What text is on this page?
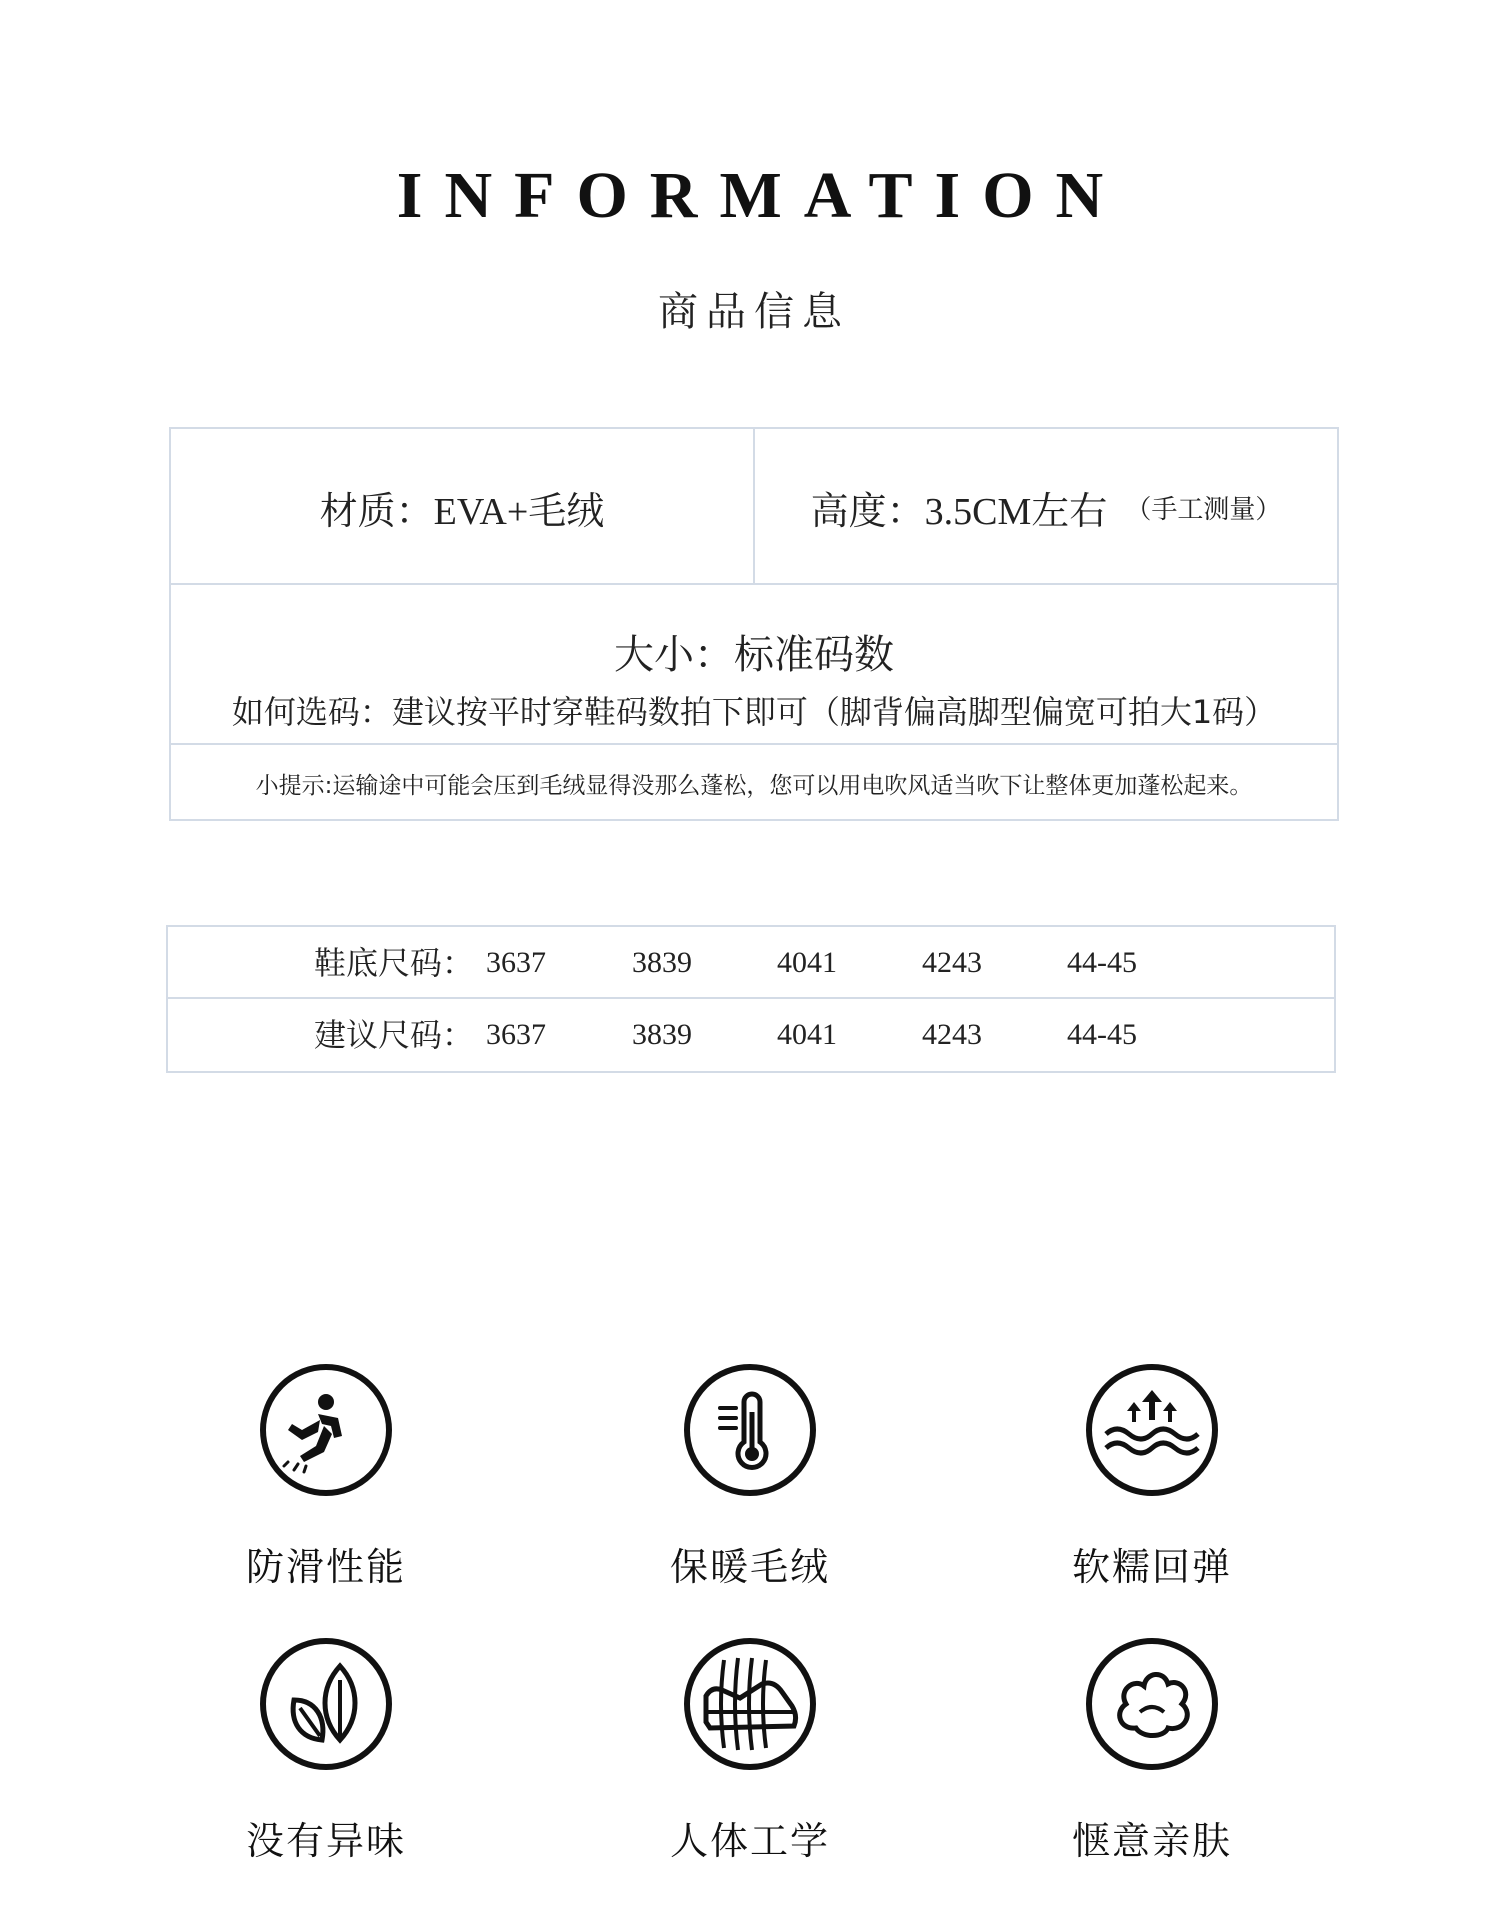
INFORMATION
商品信息
材质：EVA+毛绒	高度：3.5CM左右 （手工测量）
大小：标准码数
如何选码：建议按平时穿鞋码数拍下即可（脚背偏高脚型偏宽可拍大1码）
小提示:运输途中可能会压到毛绒显得没那么蓬松，您可以用电吹风适当吹下让整体更加蓬松起来。
鞋底尺码： 3637	3839	4041	4243	44-45
建议尺码： 3637	3839	4041	4243	44-45
防滑性能	保暖毛绒	软糯回弹
没有异味	人体工学	惬意亲肤
